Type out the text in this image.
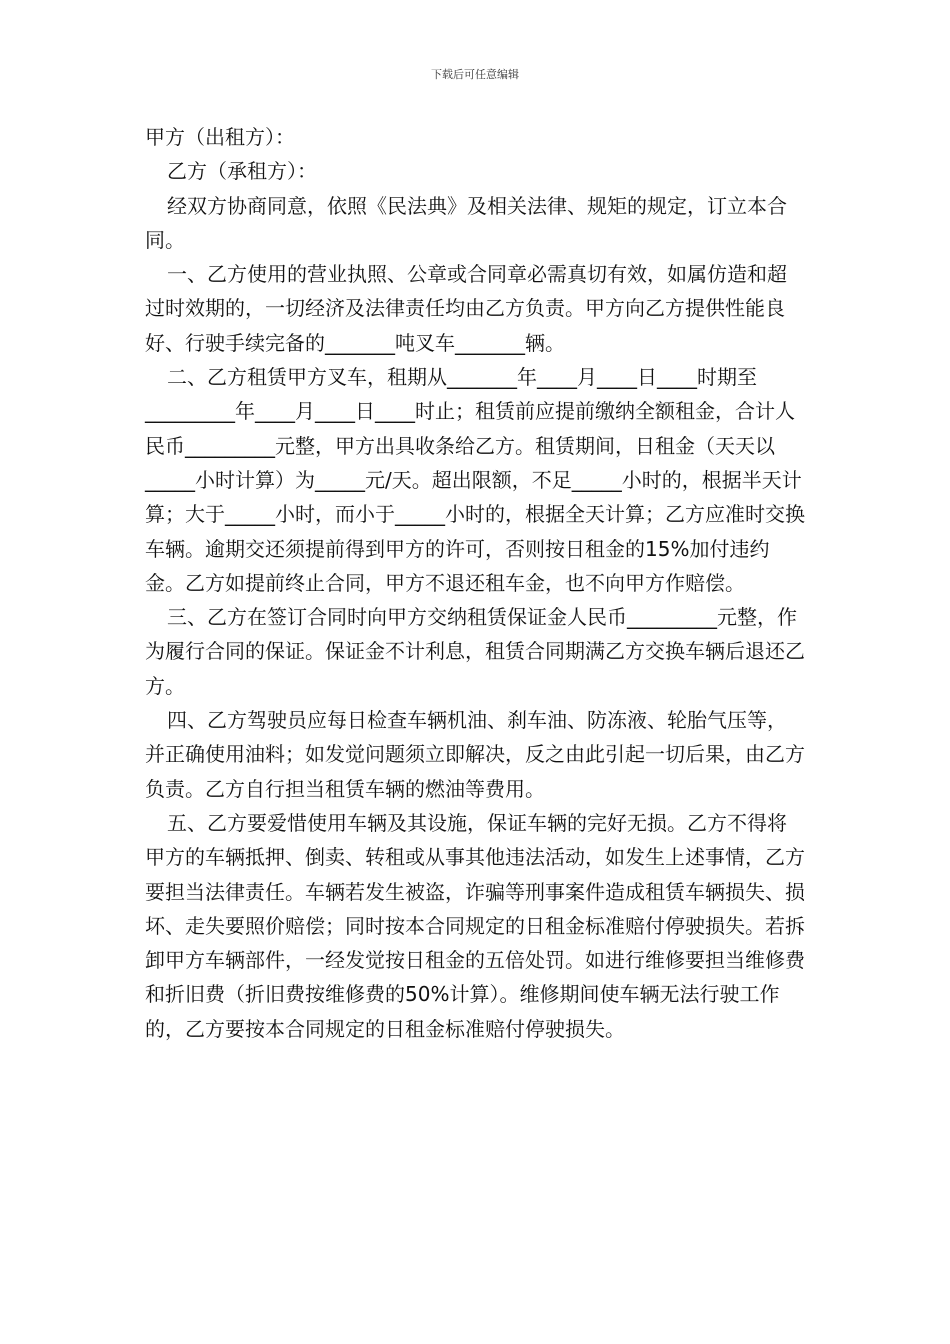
下载后可任意编辑

甲方（出租方）：

乙方（承租方）：

经双方协商同意，依照《民法典》及相关法律、规矩的规定，订立本合同。

一、乙方使用的营业执照、公章或合同章必需真切有效，如属仿造和超过时效期的，一切经济及法律责任均由乙方负责。甲方向乙方提供性能良好、行驶手续完备的_______吨叉车_______辆。

二、乙方租赁甲方叉车，租期从_______年____月____日____时期至_________年____月____日____时止；租赁前应提前缴纳全额租金，合计人民币_________元整，甲方出具收条给乙方。租赁期间，日租金（天天以_____小时计算）为_____元/天。超出限额，不足_____小时的，根据半天计算；大于_____小时，而小于_____小时的，根据全天计算；乙方应准时交换车辆。逾期交还须提前得到甲方的许可，否则按日租金的15%加付违约金。乙方如提前终止合同，甲方不退还租车金，也不向甲方作赔偿。

三、乙方在签订合同时向甲方交纳租赁保证金人民币_________元整，作为履行合同的保证。保证金不计利息，租赁合同期满乙方交换车辆后退还乙方。

四、乙方驾驶员应每日检查车辆机油、刹车油、防冻液、轮胎气压等，并正确使用油料；如发觉问题须立即解决，反之由此引起一切后果，由乙方负责。乙方自行担当租赁车辆的燃油等费用。

五、乙方要爱惜使用车辆及其设施，保证车辆的完好无损。乙方不得将甲方的车辆抵押、倒卖、转租或从事其他违法活动，如发生上述事情，乙方要担当法律责任。车辆若发生被盗，诈骗等刑事案件造成租赁车辆损失、损坏、走失要照价赔偿；同时按本合同规定的日租金标准赔付停驶损失。若拆卸甲方车辆部件，一经发觉按日租金的五倍处罚。如进行维修要担当维修费和折旧费（折旧费按维修费的50%计算）。维修期间使车辆无法行驶工作的，乙方要按本合同规定的日租金标准赔付停驶损失。
